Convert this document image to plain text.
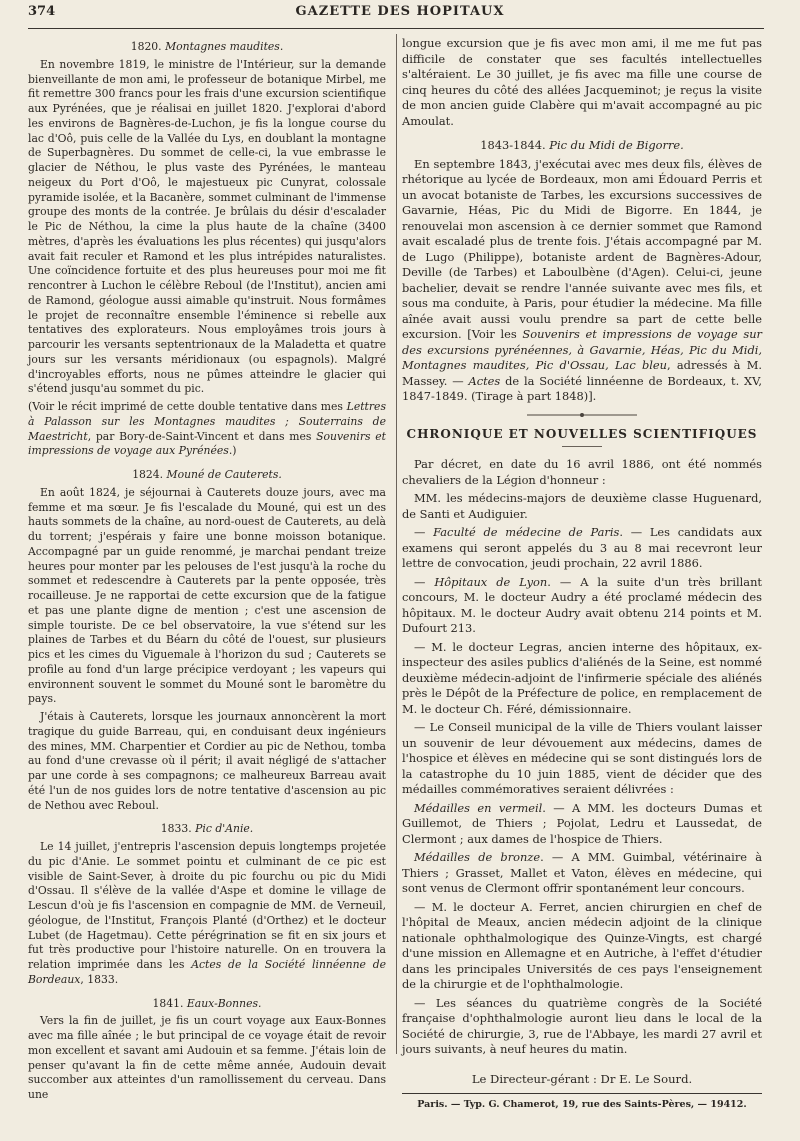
374	GAZETTE DES HOPITAUX
1820. Montagnes maudites.

En novembre 1819, le ministre de l'Intérieur, sur la demande bienveillante de mon ami, le professeur de botanique Mirbel, me fit remettre 300 francs pour les frais d'une excursion scientifique aux Pyrénées, que je réalisai en juillet 1820. J'explorai d'abord les environs de Bagnères-de-Luchon, je fis la longue course du lac d'Oô, puis celle de la Vallée du Lys, en doublant la montagne de Superbagnères. Du sommet de celle-ci, la vue embrasse le glacier de Néthou, le plus vaste des Pyrénées, le manteau neigeux du Port d'Oô, le majestueux pic Cunyrat, colossale pyramide isolée, et la Bacanère, sommet culminant de l'immense groupe des monts de la contrée. Je brûlais du désir d'escalader le Pic de Néthou, la cime la plus haute de la chaîne (3400 mètres, d'après les évaluations les plus récentes) qui jusqu'alors avait fait reculer et Ramond et les plus intrépides naturalistes. Une coïncidence fortuite et des plus heureuses pour moi me fit rencontrer à Luchon le célèbre Reboul (de l'Institut), ancien ami de Ramond, géologue aussi aimable qu'instruit. Nous formâmes le projet de reconnaître ensemble l'éminence si rebelle aux tentatives des explorateurs. Nous employâmes trois jours à parcourir les versants septentrionaux de la Maladetta et quatre jours sur les versants méridionaux (ou espagnols). Malgré d'incroyables efforts, nous ne pûmes atteindre le glacier qui s'étend jusqu'au sommet du pic.

(Voir le récit imprimé de cette double tentative dans mes Lettres à Palasson sur les Montagnes maudites ; Souterrains de Maestricht, par Bory-de-Saint-Vincent et dans mes Souvenirs et impressions de voyage aux Pyrénées.)

1824. Mouné de Cauterets.

En août 1824, je séjournai à Cauterets douze jours, avec ma femme et ma sœur. Je fis l'escalade du Mouné, qui est un des hauts sommets de la chaîne, au nord-ouest de Cauterets, au delà du torrent; j'espérais y faire une bonne moisson botanique. Accompagné par un guide renommé, je marchai pendant treize heures pour monter par les pelouses de l'est jusqu'à la roche du sommet et redescendre à Cauterets par la pente opposée, très rocailleuse. Je ne rapportai de cette excursion que de la fatigue et pas une plante digne de mention ; c'est une ascension de simple touriste. De ce bel observatoire, la vue s'étend sur les plaines de Tarbes et du Béarn du côté de l'ouest, sur plusieurs pics et les cimes du Viguemale à l'horizon du sud ; Cauterets se profile au fond d'un large précipice verdoyant ; les vapeurs qui environnent souvent le sommet du Mouné sont le baromètre du pays.

J'étais à Cauterets, lorsque les journaux annoncèrent la mort tragique du guide Barreau, qui, en conduisant deux ingénieurs des mines, MM. Charpentier et Cordier au pic de Nethou, tomba au fond d'une crevasse où il périt; il avait négligé de s'attacher par une corde à ses compagnons; ce malheureux Barreau avait été l'un de nos guides lors de notre tentative d'ascension au pic de Nethou avec Reboul.

1833. Pic d'Anie.

Le 14 juillet, j'entrepris l'ascension depuis longtemps projetée du pic d'Anie. Le sommet pointu et culminant de ce pic est visible de Saint-Sever, à droite du pic fourchu ou pic du Midi d'Ossau. Il s'élève de la vallée d'Aspe et domine le village de Lescun d'où je fis l'ascension en compagnie de MM. de Verneuil, géologue, de l'Institut, François Planté (d'Orthez) et le docteur Lubet (de Hagetmau). Cette pérégrination se fit en six jours et fut très productive pour l'histoire naturelle. On en trouvera la relation imprimée dans les Actes de la Société linnéenne de Bordeaux, 1833.

1841. Eaux-Bonnes.

Vers la fin de juillet, je fis un court voyage aux Eaux-Bonnes avec ma fille aînée ; le but principal de ce voyage était de revoir mon excellent et savant ami Audouin et sa femme. J'étais loin de penser qu'avant la fin de cette même année, Audouin devait succomber aux atteintes d'un ramollissement du cerveau. Dans une

longue excursion que je fis avec mon ami, il me me fut pas difficile de constater que ses facultés intellectuelles s'altéraient. Le 30 juillet, je fis avec ma fille une course de cinq heures du côté des allées Jacqueminot; je reçus la visite de mon ancien guide Clabère qui m'avait accompagné au pic Amoulat.

1843-1844. Pic du Midi de Bigorre.

En septembre 1843, j'exécutai avec mes deux fils, élèves de rhétorique au lycée de Bordeaux, mon ami Édouard Perris et un avocat botaniste de Tarbes, les excursions successives de Gavarnie, Héas, Pic du Midi de Bigorre. En 1844, je renouvelai mon ascension à ce dernier sommet que Ramond avait escaladé plus de trente fois. J'étais accompagné par M. de Lugo (Philippe), botaniste ardent de Bagnères-Adour, Deville (de Tarbes) et Laboulbène (d'Agen). Celui-ci, jeune bachelier, devait se rendre l'année suivante avec mes fils, et sous ma conduite, à Paris, pour étudier la médecine. Ma fille aînée avait aussi voulu prendre sa part de cette belle excursion. [Voir les Souvenirs et impressions de voyage sur des excursions pyrénéennes, à Gavarnie, Héas, Pic du Midi, Montagnes maudites, Pic d'Ossau, Lac bleu, adressés à M. Massey. — Actes de la Société linnéenne de Bordeaux, t. XV, 1847-1849. (Tirage à part 1848)].

CHRONIQUE ET NOUVELLES SCIENTIFIQUES

Par décret, en date du 16 avril 1886, ont été nommés chevaliers de la Légion d'honneur :

MM. les médecins-majors de deuxième classe Huguenard, de Santi et Audiguier.

— Faculté de médecine de Paris. — Les candidats aux examens qui seront appelés du 3 au 8 mai recevront leur lettre de convocation, jeudi prochain, 22 avril 1886.

— Hôpitaux de Lyon. — A la suite d'un très brillant concours, M. le docteur Audry a été proclamé médecin des hôpitaux. M. le docteur Audry avait obtenu 214 points et M. Dufourt 213.

— M. le docteur Legras, ancien interne des hôpitaux, ex-inspecteur des asiles publics d'aliénés de la Seine, est nommé deuxième médecin-adjoint de l'infirmerie spéciale des aliénés près le Dépôt de la Préfecture de police, en remplacement de M. le docteur Ch. Féré, démissionnaire.

— Le Conseil municipal de la ville de Thiers voulant laisser un souvenir de leur dévouement aux médecins, dames de l'hospice et élèves en médecine qui se sont distingués lors de la catastrophe du 10 juin 1885, vient de décider que des médailles commémoratives seraient délivrées :

Médailles en vermeil. — A MM. les docteurs Dumas et Guillemot, de Thiers ; Pojolat, Ledru et Laussedat, de Clermont ; aux dames de l'hospice de Thiers.

Médailles de bronze. — A MM. Guimbal, vétérinaire à Thiers ; Grasset, Mallet et Vaton, élèves en médecine, qui sont venus de Clermont offrir spontanément leur concours.

— M. le docteur A. Ferret, ancien chirurgien en chef de l'hôpital de Meaux, ancien médecin adjoint de la clinique nationale ophthalmologique des Quinze-Vingts, est chargé d'une mission en Allemagne et en Autriche, à l'effet d'étudier dans les principales Universités de ces pays l'enseignement de la chirurgie et de l'ophthalmologie.

— Les séances du quatrième congrès de la Société française d'ophthalmologie auront lieu dans le local de la Société de chirurgie, 3, rue de l'Abbaye, les mardi 27 avril et jours suivants, à neuf heures du matin.

Le Directeur-gérant : Dr E. Le Sourd.
Paris. — Typ. G. Chamerot, 19, rue des Saints-Pères, — 19412.
